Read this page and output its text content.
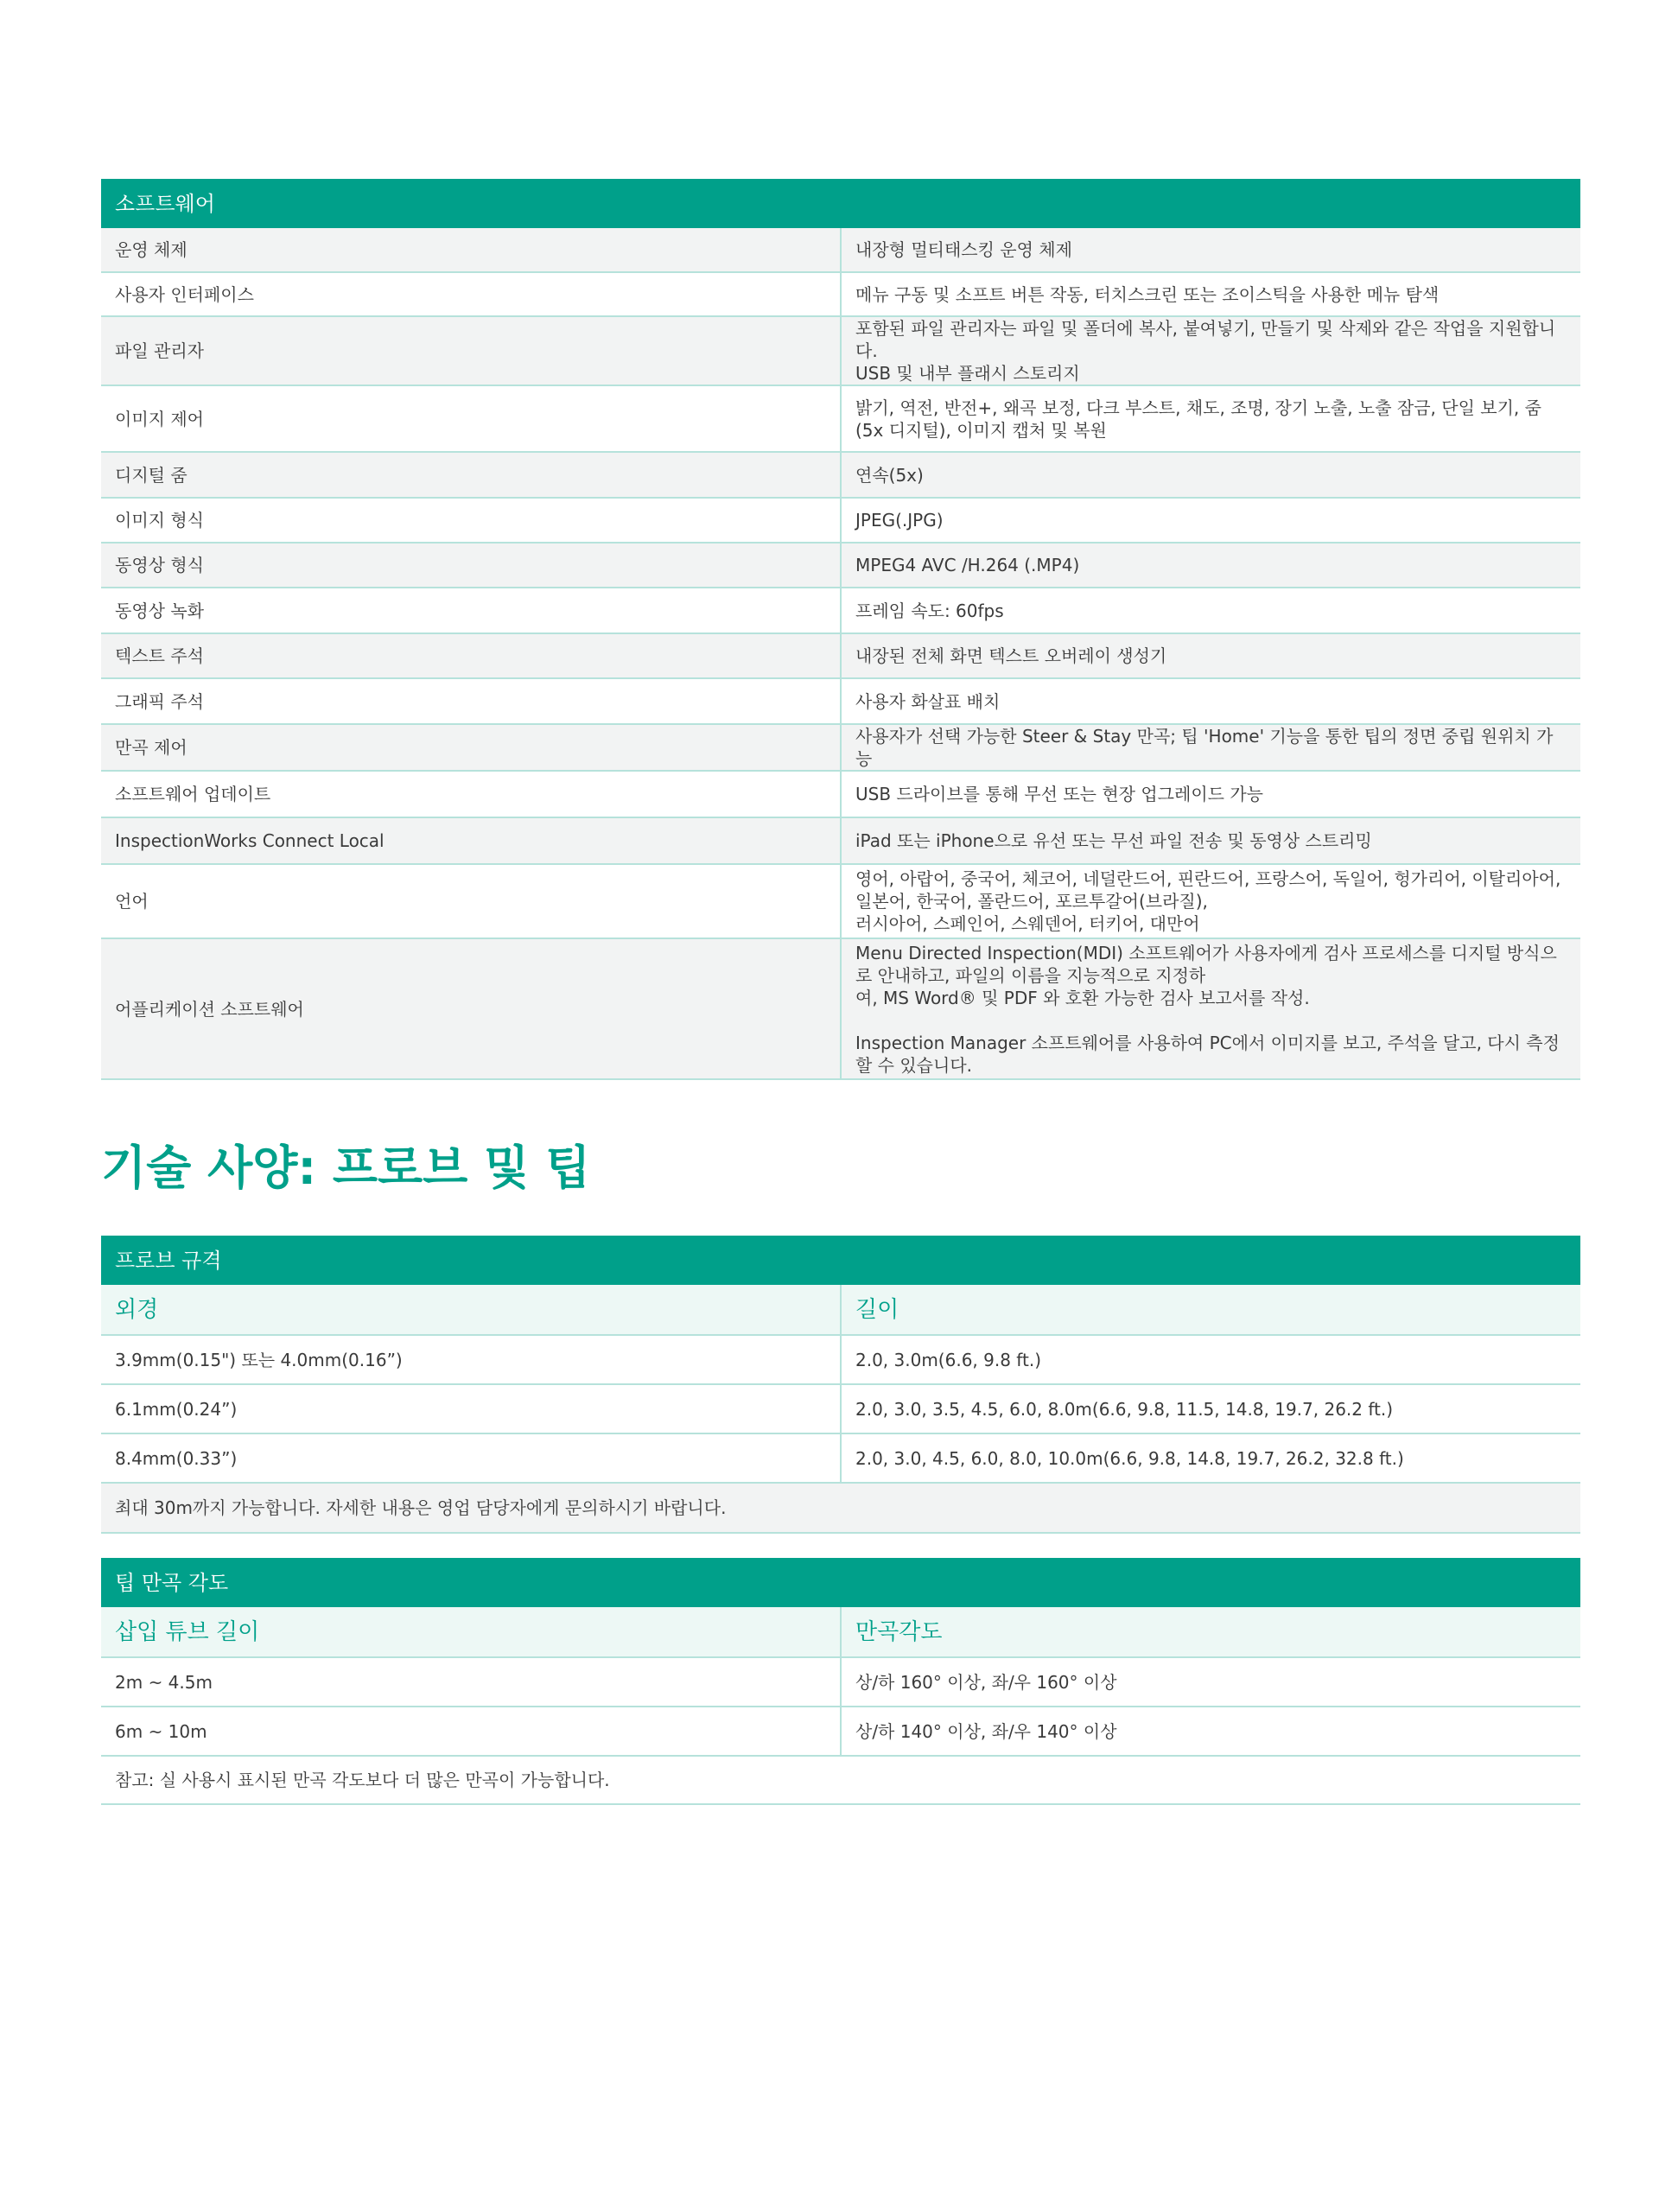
소프트웨어	
운영 체제	내장형 멀티태스킹 운영 체제

사용자 인터페이스	메뉴 구동 및 소프트 버튼 작동, 터치스크린 또는 조이스틱을 사용한 메뉴 탐색

파일 관리자	포함된 파일 관리자는 파일 및 폴더에 복사, 붙여넣기, 만들기 및 삭제와 같은 작업을 지원합니다.
USB 및 내부 플래시 스토리지

이미지 제어	밝기, 역전, 반전+, 왜곡 보정, 다크 부스트, 채도, 조명, 장기 노출, 노출 잠금, 단일 보기, 줌(5x 디지털), 이미지 캡처 및 복원

디지털 줌	연속(5x)

이미지 형식	JPEG(.JPG)

동영상 형식	MPEG4 AVC /H.264 (.MP4)

동영상 녹화	프레임 속도: 60fps

텍스트 주석	내장된 전체 화면 텍스트 오버레이 생성기

그래픽 주석	사용자 화살표 배치

만곡 제어	사용자가 선택 가능한 Steer & Stay 만곡; 팁 'Home' 기능을 통한 팁의 정면 중립 원위치 가능

소프트웨어 업데이트	USB 드라이브를 통해 무선 또는 현장 업그레이드 가능

InspectionWorks Connect Local	iPad 또는 iPhone으로 유선 또는 무선 파일 전송 및 동영상 스트리밍

언어	영어, 아랍어, 중국어, 체코어, 네덜란드어, 핀란드어, 프랑스어, 독일어, 헝가리어, 이탈리아어, 일본어, 한국어, 폴란드어, 포르투갈어(브라질),
러시아어, 스페인어, 스웨덴어, 터키어, 대만어

어플리케이션 소프트웨어	Menu Directed Inspection(MDI) 소프트웨어가 사용자에게 검사 프로세스를 디지털 방식으로 안내하고, 파일의 이름을 지능적으로 지정하
여, MS Word® 및 PDF 와 호환 가능한 검사 보고서를 작성.
Inspection Manager 소프트웨어를 사용하여 PC에서 이미지를 보고, 주석을 달고, 다시 측정할 수 있습니다.
기술 사양: 프로브 및 팁
프로브 규격	
외경	길이
3.9mm(0.15") 또는 4.0mm(0.16”)	2.0, 3.0m(6.6, 9.8 ft.)
6.1mm(0.24”)	2.0, 3.0, 3.5, 4.5, 6.0, 8.0m(6.6, 9.8, 11.5, 14.8, 19.7, 26.2 ft.)
8.4mm(0.33”)	2.0, 3.0, 4.5, 6.0, 8.0, 10.0m(6.6, 9.8, 14.8, 19.7, 26.2, 32.8 ft.)
최대 30m까지 가능합니다. 자세한 내용은 영업 담당자에게 문의하시기 바랍니다.	
팁 만곡 각도	
삽입 튜브 길이	만곡각도
2m ~ 4.5m	상/하 160° 이상, 좌/우 160° 이상
6m ~ 10m	상/하 140° 이상, 좌/우 140° 이상
참고: 실 사용시 표시된 만곡 각도보다 더 많은 만곡이 가능합니다.	
